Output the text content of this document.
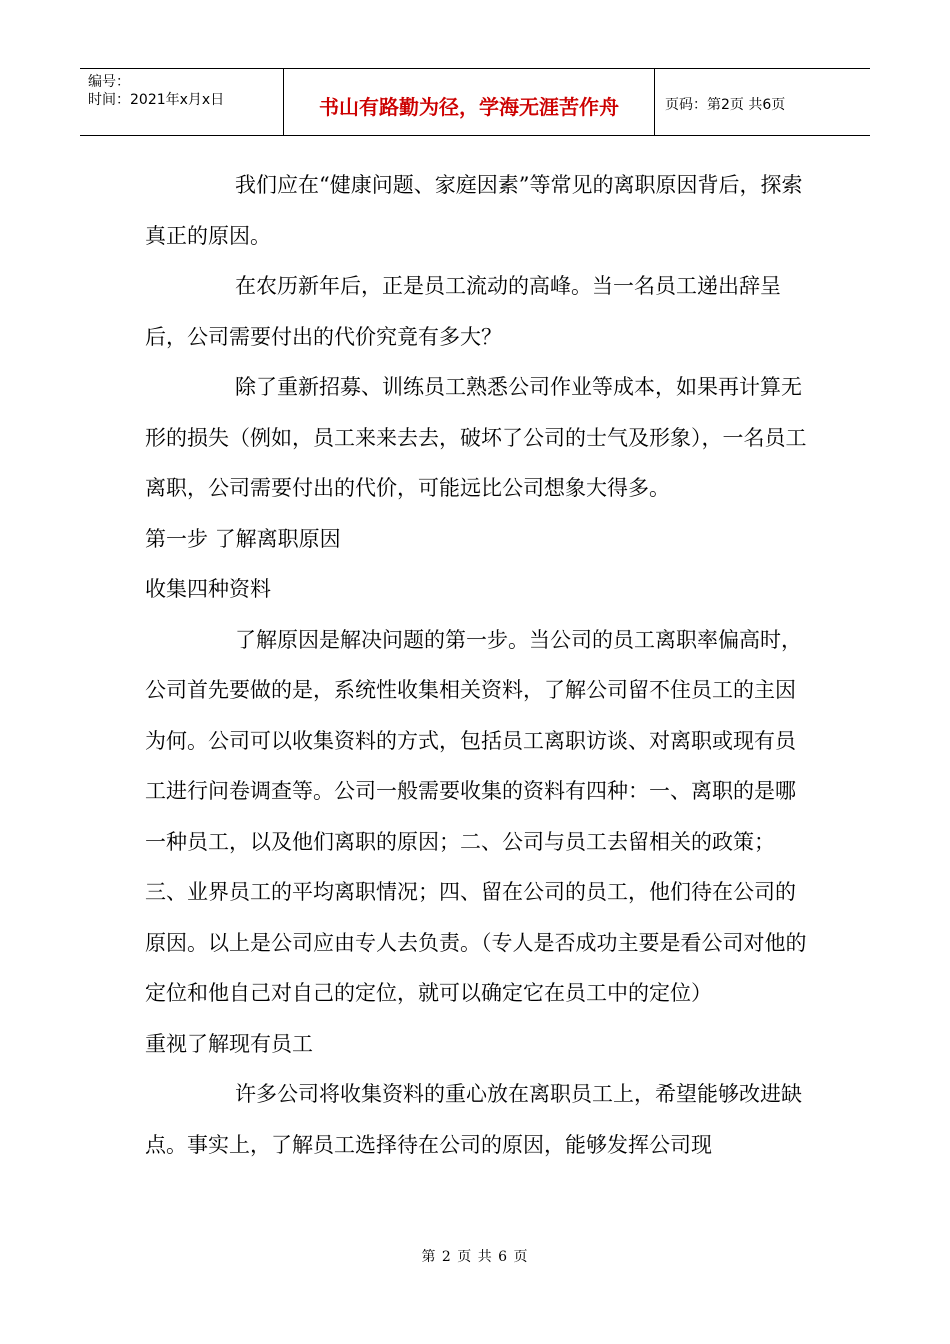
编号：
时间：2021年x月x日	书山有路勤为径，学海无涯苦作舟	页码：第2页 共6页

我们应在“健康问题、家庭因素”等常见的离职原因背后，探索真正的原因。

在农历新年后，正是员工流动的高峰。当一名员工递出辞呈后，公司需要付出的代价究竟有多大？

除了重新招募、训练员工熟悉公司作业等成本，如果再计算无形的损失（例如，员工来来去去，破坏了公司的士气及形象），一名员工离职，公司需要付出的代价，可能远比公司想象大得多。

第一步 了解离职原因

收集四种资料

了解原因是解决问题的第一步。当公司的员工离职率偏高时，公司首先要做的是，系统性收集相关资料，了解公司留不住员工的主因为何。公司可以收集资料的方式，包括员工离职访谈、对离职或现有员工进行问卷调查等。公司一般需要收集的资料有四种：一、离职的是哪一种员工，以及他们离职的原因；二、公司与员工去留相关的政策；三、业界员工的平均离职情况；四、留在公司的员工，他们待在公司的原因。以上是公司应由专人去负责。（专人是否成功主要是看公司对他的定位和他自己对自己的定位，就可以确定它在员工中的定位）

重视了解现有员工

许多公司将收集资料的重心放在离职员工上，希望能够改进缺点。事实上，了解员工选择待在公司的原因，能够发挥公司现

第 2 页 共 6 页
